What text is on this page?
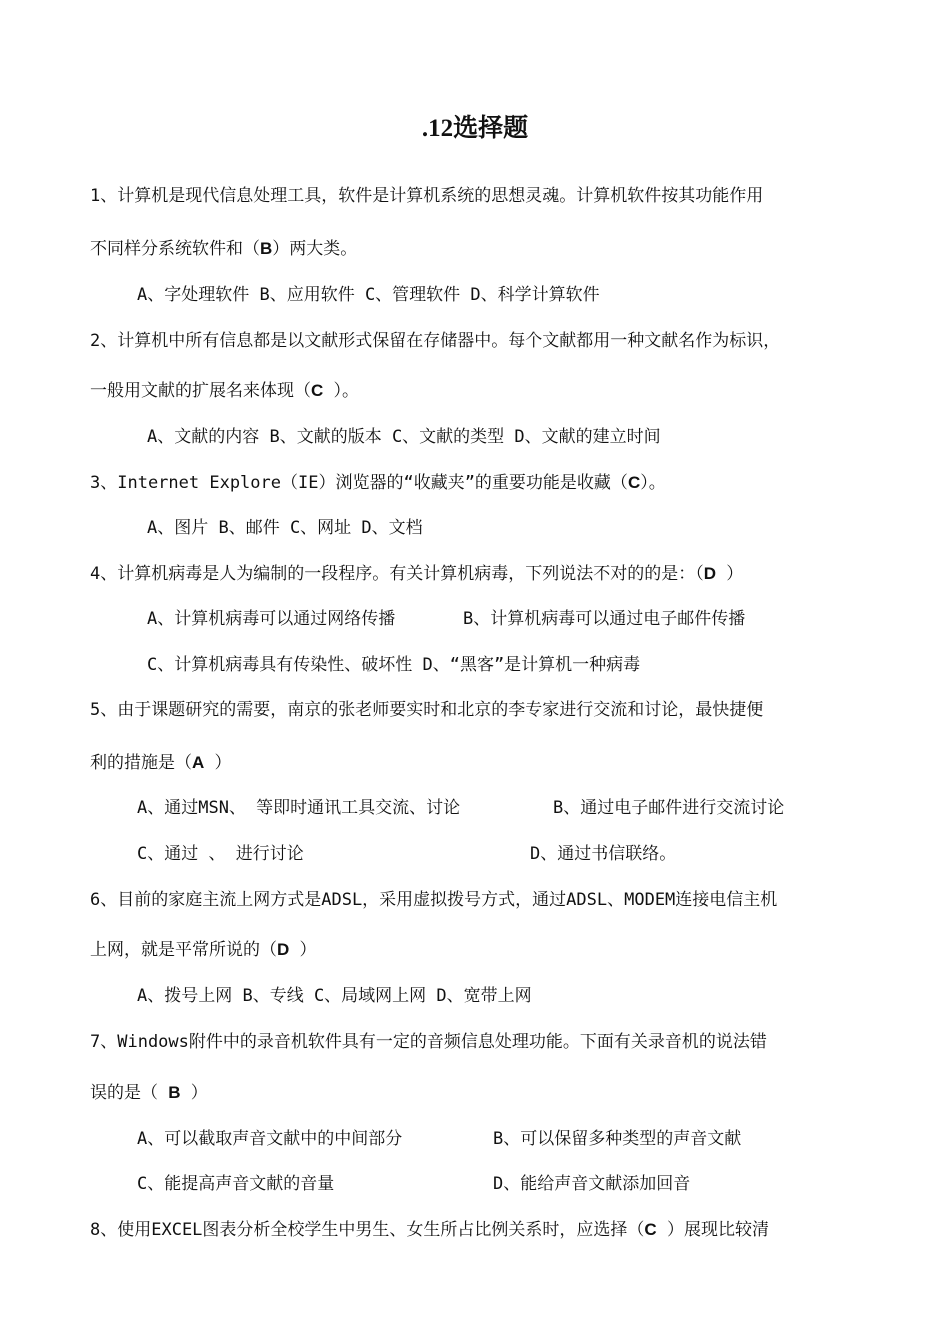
.12选择题
1、计算机是现代信息处理工具，软件是计算机系统的思想灵魂。计算机软件按其功能作用
不同样分系统软件和（B）两大类。
A、字处理软件 B、应用软件 C、管理软件 D、科学计算软件
2、计算机中所有信息都是以文献形式保留在存储器中。每个文献都用一种文献名作为标识，
一般用文献的扩展名来体现（C ）。
A、文献的内容 B、文献的版本 C、文献的类型 D、文献的建立时间
3、Internet Explore（IE）浏览器的“收藏夹”的重要功能是收藏（C）。
A、图片 B、邮件 C、网址 D、文档
4、计算机病毒是人为编制的一段程序。有关计算机病毒，下列说法不对的的是：（D ）
A、计算机病毒可以通过网络传播	B、计算机病毒可以通过电子邮件传播
C、计算机病毒具有传染性、破坏性 D、“黑客”是计算机一种病毒
5、由于课题研究的需要，南京的张老师要实时和北京的李专家进行交流和讨论，最快捷便
利的措施是（A ）
A、通过MSN、 等即时通讯工具交流、讨论	B、通过电子邮件进行交流讨论
C、通过 、 进行讨论	D、通过书信联络。
6、目前的家庭主流上网方式是ADSL，采用虚拟拨号方式，通过ADSL、MODEM连接电信主机
上网，就是平常所说的（D ）
A、拨号上网 B、专线 C、局域网上网 D、宽带上网
7、Windows附件中的录音机软件具有一定的音频信息处理功能。下面有关录音机的说法错
误的是（ B ）
A、可以截取声音文献中的中间部分	B、可以保留多种类型的声音文献
C、能提高声音文献的音量	D、能给声音文献添加回音
8、使用EXCEL图表分析全校学生中男生、女生所占比例关系时，应选择（C ）展现比较清
